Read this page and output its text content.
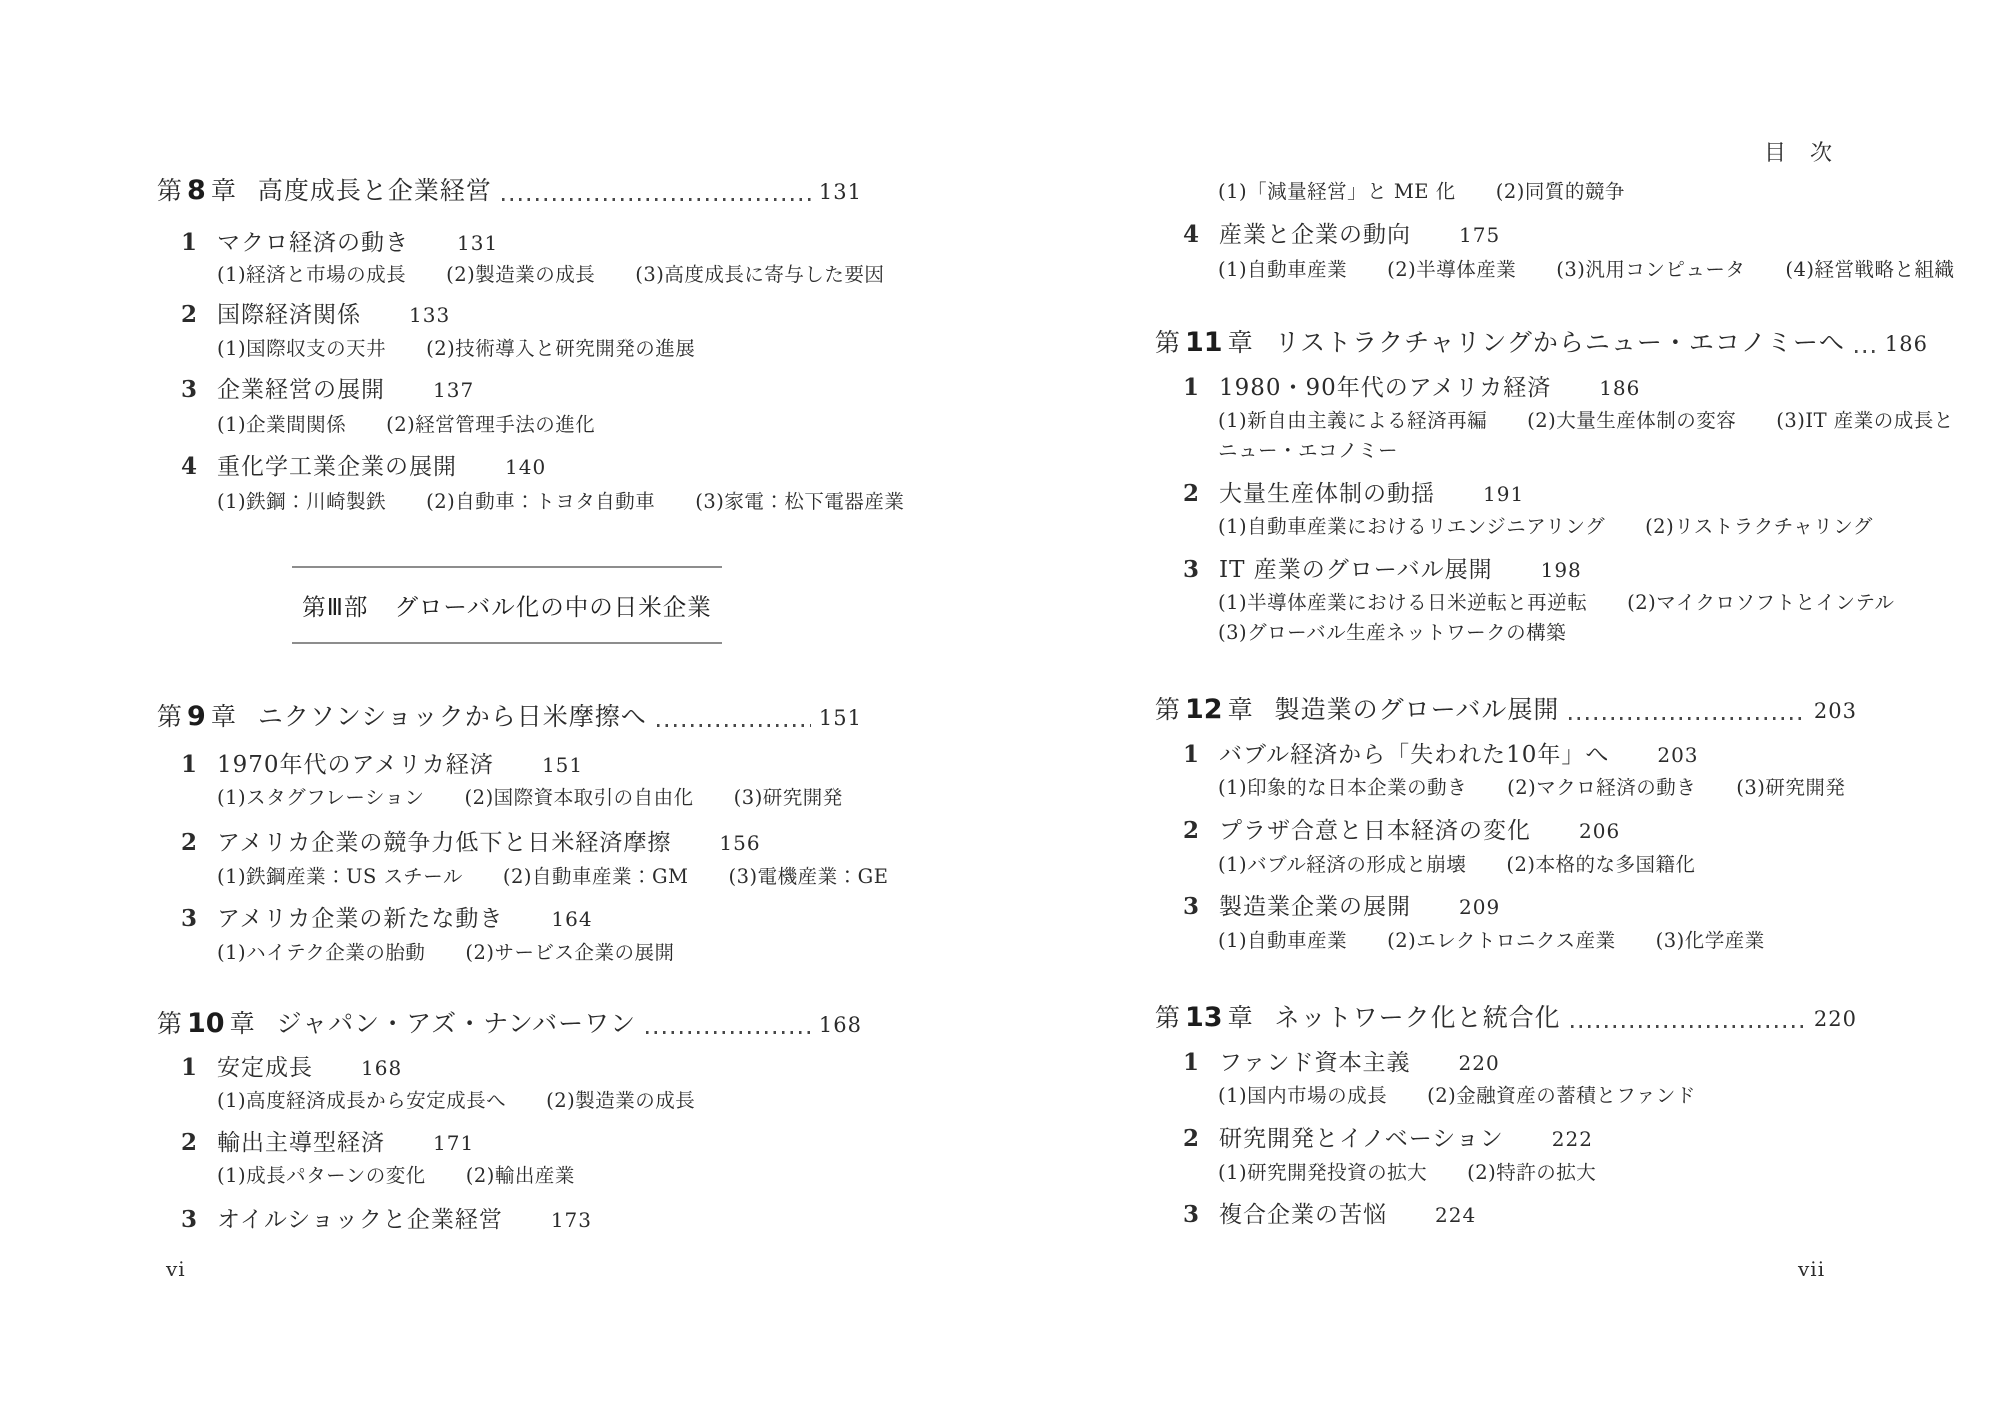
第 8 章 高度成長と企業経営	131
1 マクロ経済の動き 131
(1)経済と市場の成長　　(2)製造業の成長　　(3)高度成長に寄与した要因
2 国際経済関係 133
(1)国際収支の天井　　(2)技術導入と研究開発の進展
3 企業経営の展開 137
(1)企業間関係　　(2)経営管理手法の進化
4 重化学工業企業の展開 140
(1)鉄鋼：川崎製鉄　　(2)自動車：トヨタ自動車　　(3)家電：松下電器産業
第Ⅲ部 グローバル化の中の日米企業
第 9 章 ニクソンショックから日米摩擦へ	151
1 1970年代のアメリカ経済 151
(1)スタグフレーション　　(2)国際資本取引の自由化　　(3)研究開発
2 アメリカ企業の競争力低下と日米経済摩擦 156
(1)鉄鋼産業：US スチール　　(2)自動車産業：GM　　(3)電機産業：GE
3 アメリカ企業の新たな動き 164
(1)ハイテク企業の胎動　　(2)サービス企業の展開
第 10 章 ジャパン・アズ・ナンバーワン	168
1 安定成長 168
(1)高度経済成長から安定成長へ　　(2)製造業の成長
2 輸出主導型経済 171
(1)成長パターンの変化　　(2)輸出産業
3 オイルショックと企業経営 173
vi
目　次
(1)「減量経営」と ME 化　　(2)同質的競争
4 産業と企業の動向 175
(1)自動車産業　　(2)半導体産業　　(3)汎用コンピュータ　　(4)経営戦略と組織
第 11 章 リストラクチャリングからニュー・エコノミーへ 186
1 1980・90年代のアメリカ経済 186
(1)新自由主義による経済再編　　(2)大量生産体制の変容　　(3)IT 産業の成長と
ニュー・エコノミー
2 大量生産体制の動揺 191
(1)自動車産業におけるリエンジニアリング　　(2)リストラクチャリング
3 IT 産業のグローバル展開 198
(1)半導体産業における日米逆転と再逆転　　(2)マイクロソフトとインテル
(3)グローバル生産ネットワークの構築
第 12 章 製造業のグローバル展開	203
1 バブル経済から「失われた10年」へ 203
(1)印象的な日本企業の動き　　(2)マクロ経済の動き　　(3)研究開発
2 プラザ合意と日本経済の変化 206
(1)バブル経済の形成と崩壊　　(2)本格的な多国籍化
3 製造業企業の展開 209
(1)自動車産業　　(2)エレクトロニクス産業　　(3)化学産業
第 13 章 ネットワーク化と統合化	220
1 ファンド資本主義 220
(1)国内市場の成長　　(2)金融資産の蓄積とファンド
2 研究開発とイノベーション 222
(1)研究開発投資の拡大　　(2)特許の拡大
3 複合企業の苦悩 224
vii
